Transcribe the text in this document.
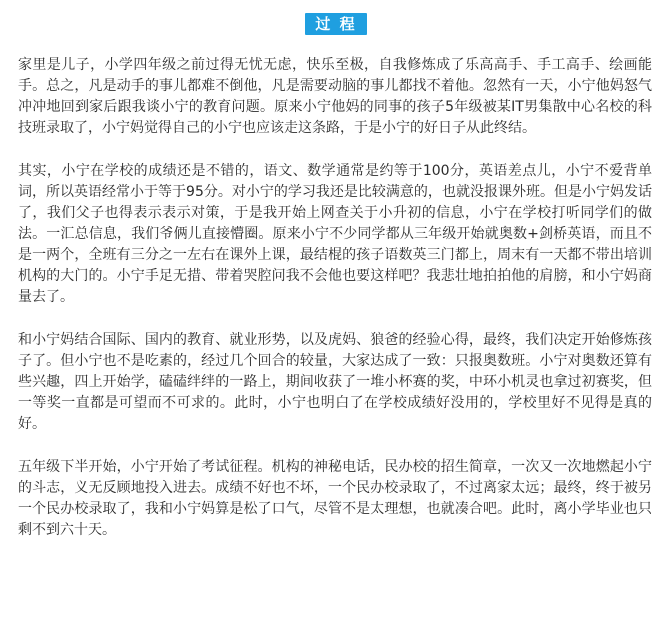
过 程

家里是儿子，小学四年级之前过得无忧无虑，快乐至极，自我修炼成了乐高高手、手工高手、绘画能手。总之，凡是动手的事儿都难不倒他，凡是需要动脑的事儿都找不着他。忽然有一天，小宁他妈怒气冲冲地回到家后跟我谈小宁的教育问题。原来小宁他妈的同事的孩子5年级被某IT男集散中心名校的科技班录取了，小宁妈觉得自己的小宁也应该走这条路，于是小宁的好日子从此终结。

其实，小宁在学校的成绩还是不错的，语文、数学通常是约等于100分，英语差点儿，小宁不爱背单词，所以英语经常小于等于95分。对小宁的学习我还是比较满意的，也就没报课外班。但是小宁妈发话了，我们父子也得表示表示对策，于是我开始上网查关于小升初的信息，小宁在学校打听同学们的做法。一汇总信息，我们爷俩儿直接懵圈。原来小宁不少同学都从三年级开始就奥数+剑桥英语，而且不是一两个，全班有三分之一左右在课外上课，最结棍的孩子语数英三门都上，周末有一天都不带出培训机构的大门的。小宁手足无措、带着哭腔问我不会他也要这样吧？我悲壮地拍拍他的肩膀，和小宁妈商量去了。

和小宁妈结合国际、国内的教育、就业形势，以及虎妈、狼爸的经验心得，最终，我们决定开始修炼孩子了。但小宁也不是吃素的，经过几个回合的较量，大家达成了一致：只报奥数班。小宁对奥数还算有些兴趣，四上开始学，磕磕绊绊的一路上，期间收获了一堆小杯赛的奖，中环小机灵也拿过初赛奖，但一等奖一直都是可望而不可求的。此时，小宁也明白了在学校成绩好没用的，学校里好不见得是真的好。

五年级下半开始，小宁开始了考试征程。机构的神秘电话，民办校的招生简章，一次又一次地燃起小宁的斗志，义无反顾地投入进去。成绩不好也不坏，一个民办校录取了，不过离家太远；最终，终于被另一个民办校录取了，我和小宁妈算是松了口气，尽管不是太理想，也就凑合吧。此时，离小学毕业也只剩不到六十天。
